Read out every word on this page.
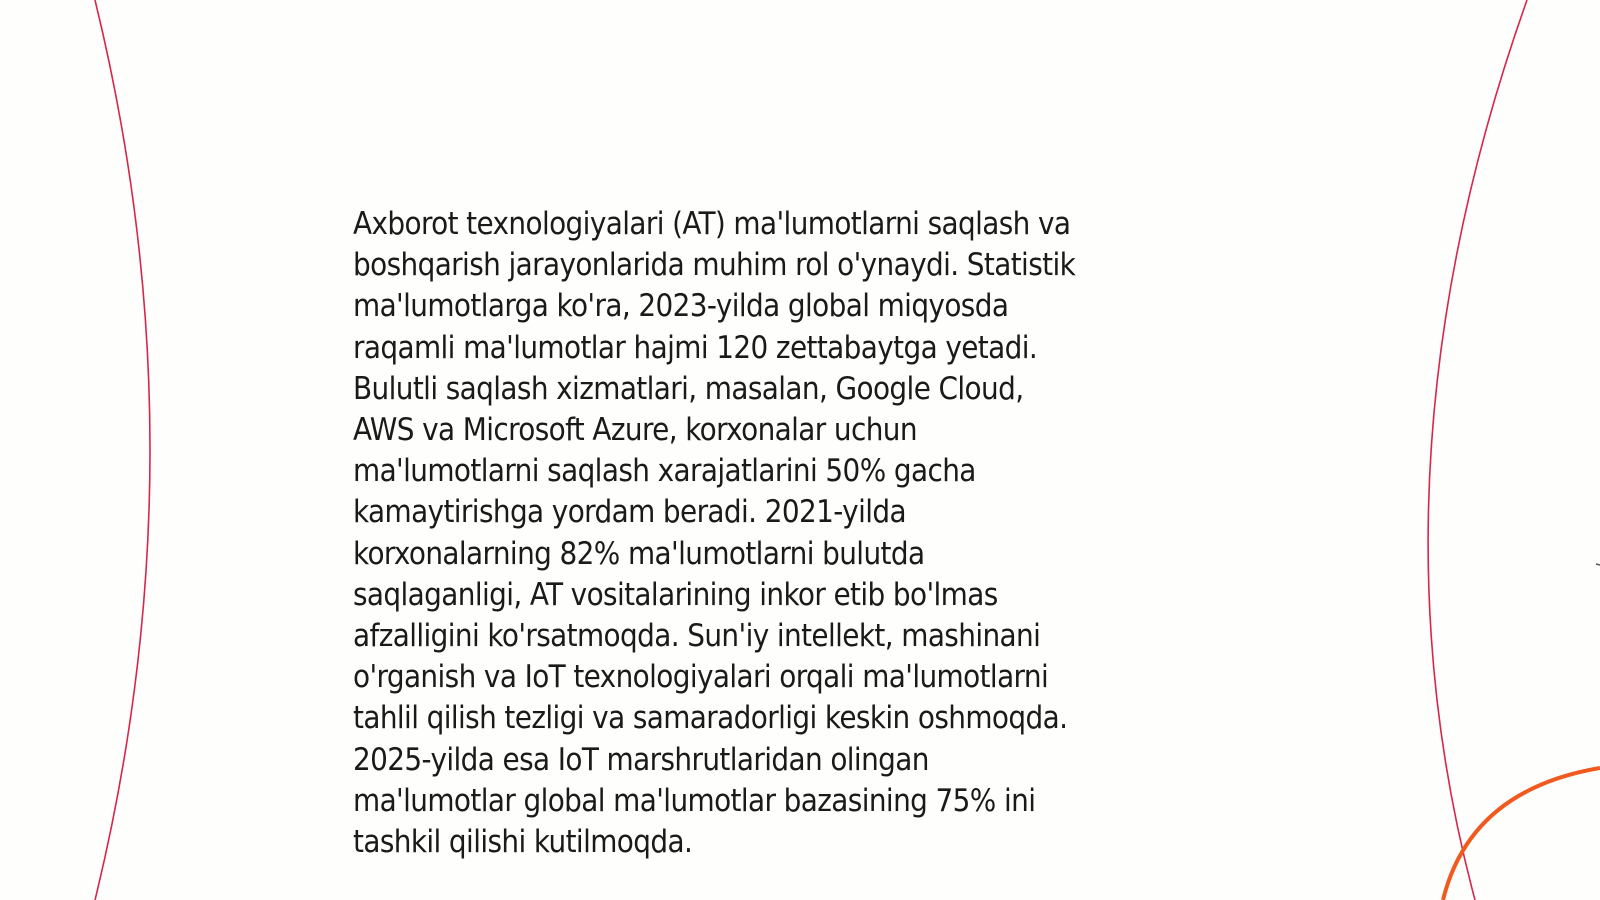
Axborot texnologiyalari (AT) ma'lumotlarni saqlash va
boshqarish jarayonlarida muhim rol o'ynaydi. Statistik
ma'lumotlarga ko'ra, 2023-yilda global miqyosda
raqamli ma'lumotlar hajmi 120 zettabaytga yetadi.
Bulutli saqlash xizmatlari, masalan, Google Cloud,
AWS va Microsoft Azure, korxonalar uchun
ma'lumotlarni saqlash xarajatlarini 50% gacha
kamaytirishga yordam beradi. 2021-yilda
korxonalarning 82% ma'lumotlarni bulutda
saqlaganligi, AT vositalarining inkor etib bo'lmas
afzalligini ko'rsatmoqda. Sun'iy intellekt, mashinani
o'rganish va IoT texnologiyalari orqali ma'lumotlarni
tahlil qilish tezligi va samaradorligi keskin oshmoqda.
2025-yilda esa IoT marshrutlaridan olingan
ma'lumotlar global ma'lumotlar bazasining 75% ini
tashkil qilishi kutilmoqda.
